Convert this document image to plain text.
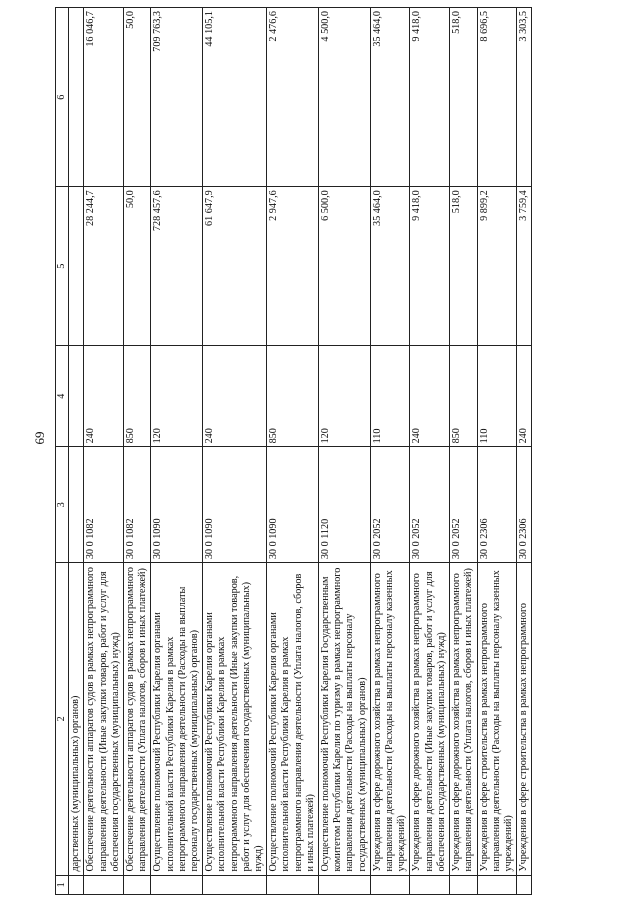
69
1	2	3	4	5	6
	дарственных (муниципальных) органов)				
	Обеспечение деятельности аппаратов судов в рамках непрограммного направления деятельности (Иные закупки товаров, работ и услуг для обеспечения государственных (муниципальных) нужд)	30 0 1082	240	28 244,7	16 046,7
	Обеспечение деятельности аппаратов судов в рамках непрограммного направления деятельности (Уплата налогов, сборов и иных платежей)	30 0 1082	850	50,0	50,0
	Осуществление полномочий Республики Карелия органами исполнительной власти Республики Карелия в рамках непрограммного направления деятельности (Расходы на выплаты персоналу государственных (муниципальных) органов)	30 0 1090	120	728 457,6	709 763,3
	Осуществление полномочий Республики Карелия органами исполнительной власти Республики Карелия в рамках непрограммного направления деятельности (Иные закупки товаров, работ и услуг для обеспечения государственных (муниципальных) нужд)	30 0 1090	240	61 647,9	44 105,1
	Осуществление полномочий Республики Карелия органами исполнительной власти Республики Карелия в рамках непрограммного направления деятельности (Уплата налогов, сборов и иных платежей)	30 0 1090	850	2 947,6	2 476,6
	Осуществление полномочий Республики Карелия Государственным комитетом Республики Карелия по туризму в рамках непрограммного направления деятельности (Расходы на выплаты персоналу государственных (муниципальных) органов)	30 0 1120	120	6 500,0	4 500,0
	Учреждения в сфере дорожного хозяйства в рамках непрограммного направления деятельности (Расходы на выплаты персоналу казенных учреждений)	30 0 2052	110	35 464,0	35 464,0
	Учреждения в сфере дорожного хозяйства в рамках непрограммного направления деятельности (Иные закупки товаров, работ и услуг для обеспечения государственных (муниципальных) нужд)	30 0 2052	240	9 418,0	9 418,0
	Учреждения в сфере дорожного хозяйства в рамках непрограммного направления деятельности (Уплата налогов, сборов и иных платежей)	30 0 2052	850	518,0	518,0
	Учреждения в сфере строительства в рамках непрограммного направления деятельности (Расходы на выплаты персоналу казенных учреждений)	30 0 2306	110	9 899,2	8 696,5
	Учреждения в сфере строительства в рамках непрограммного	30 0 2306	240	3 759,4	3 303,5
